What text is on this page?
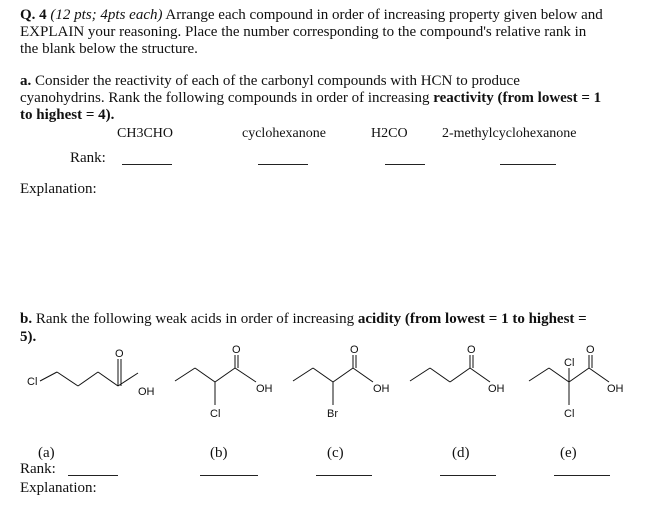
Q. 4 (12 pts; 4pts each) Arrange each compound in order of increasing property given below and
EXPLAIN your reasoning. Place the number corresponding to the compound's relative rank in
the blank below the structure.
a. Consider the reactivity of each of the carbonyl compounds with HCN to produce
cyanohydrins. Rank the following compounds in order of increasing reactivity (from lowest = 1
to highest = 4).
CH3CHO	cyclohexanone	H2CO 2-methylcyclohexanone
Rank:
Explanation:
b. Rank the following weak acids in order of increasing acidity (from lowest = 1 to highest =
5).
Cl
O
OH
O
OH
Cl
O
OH
Br
O
OH
Cl
O
OH
Cl
(a)	(b)	(c)	(d)	(e)
Rank:
Explanation:
